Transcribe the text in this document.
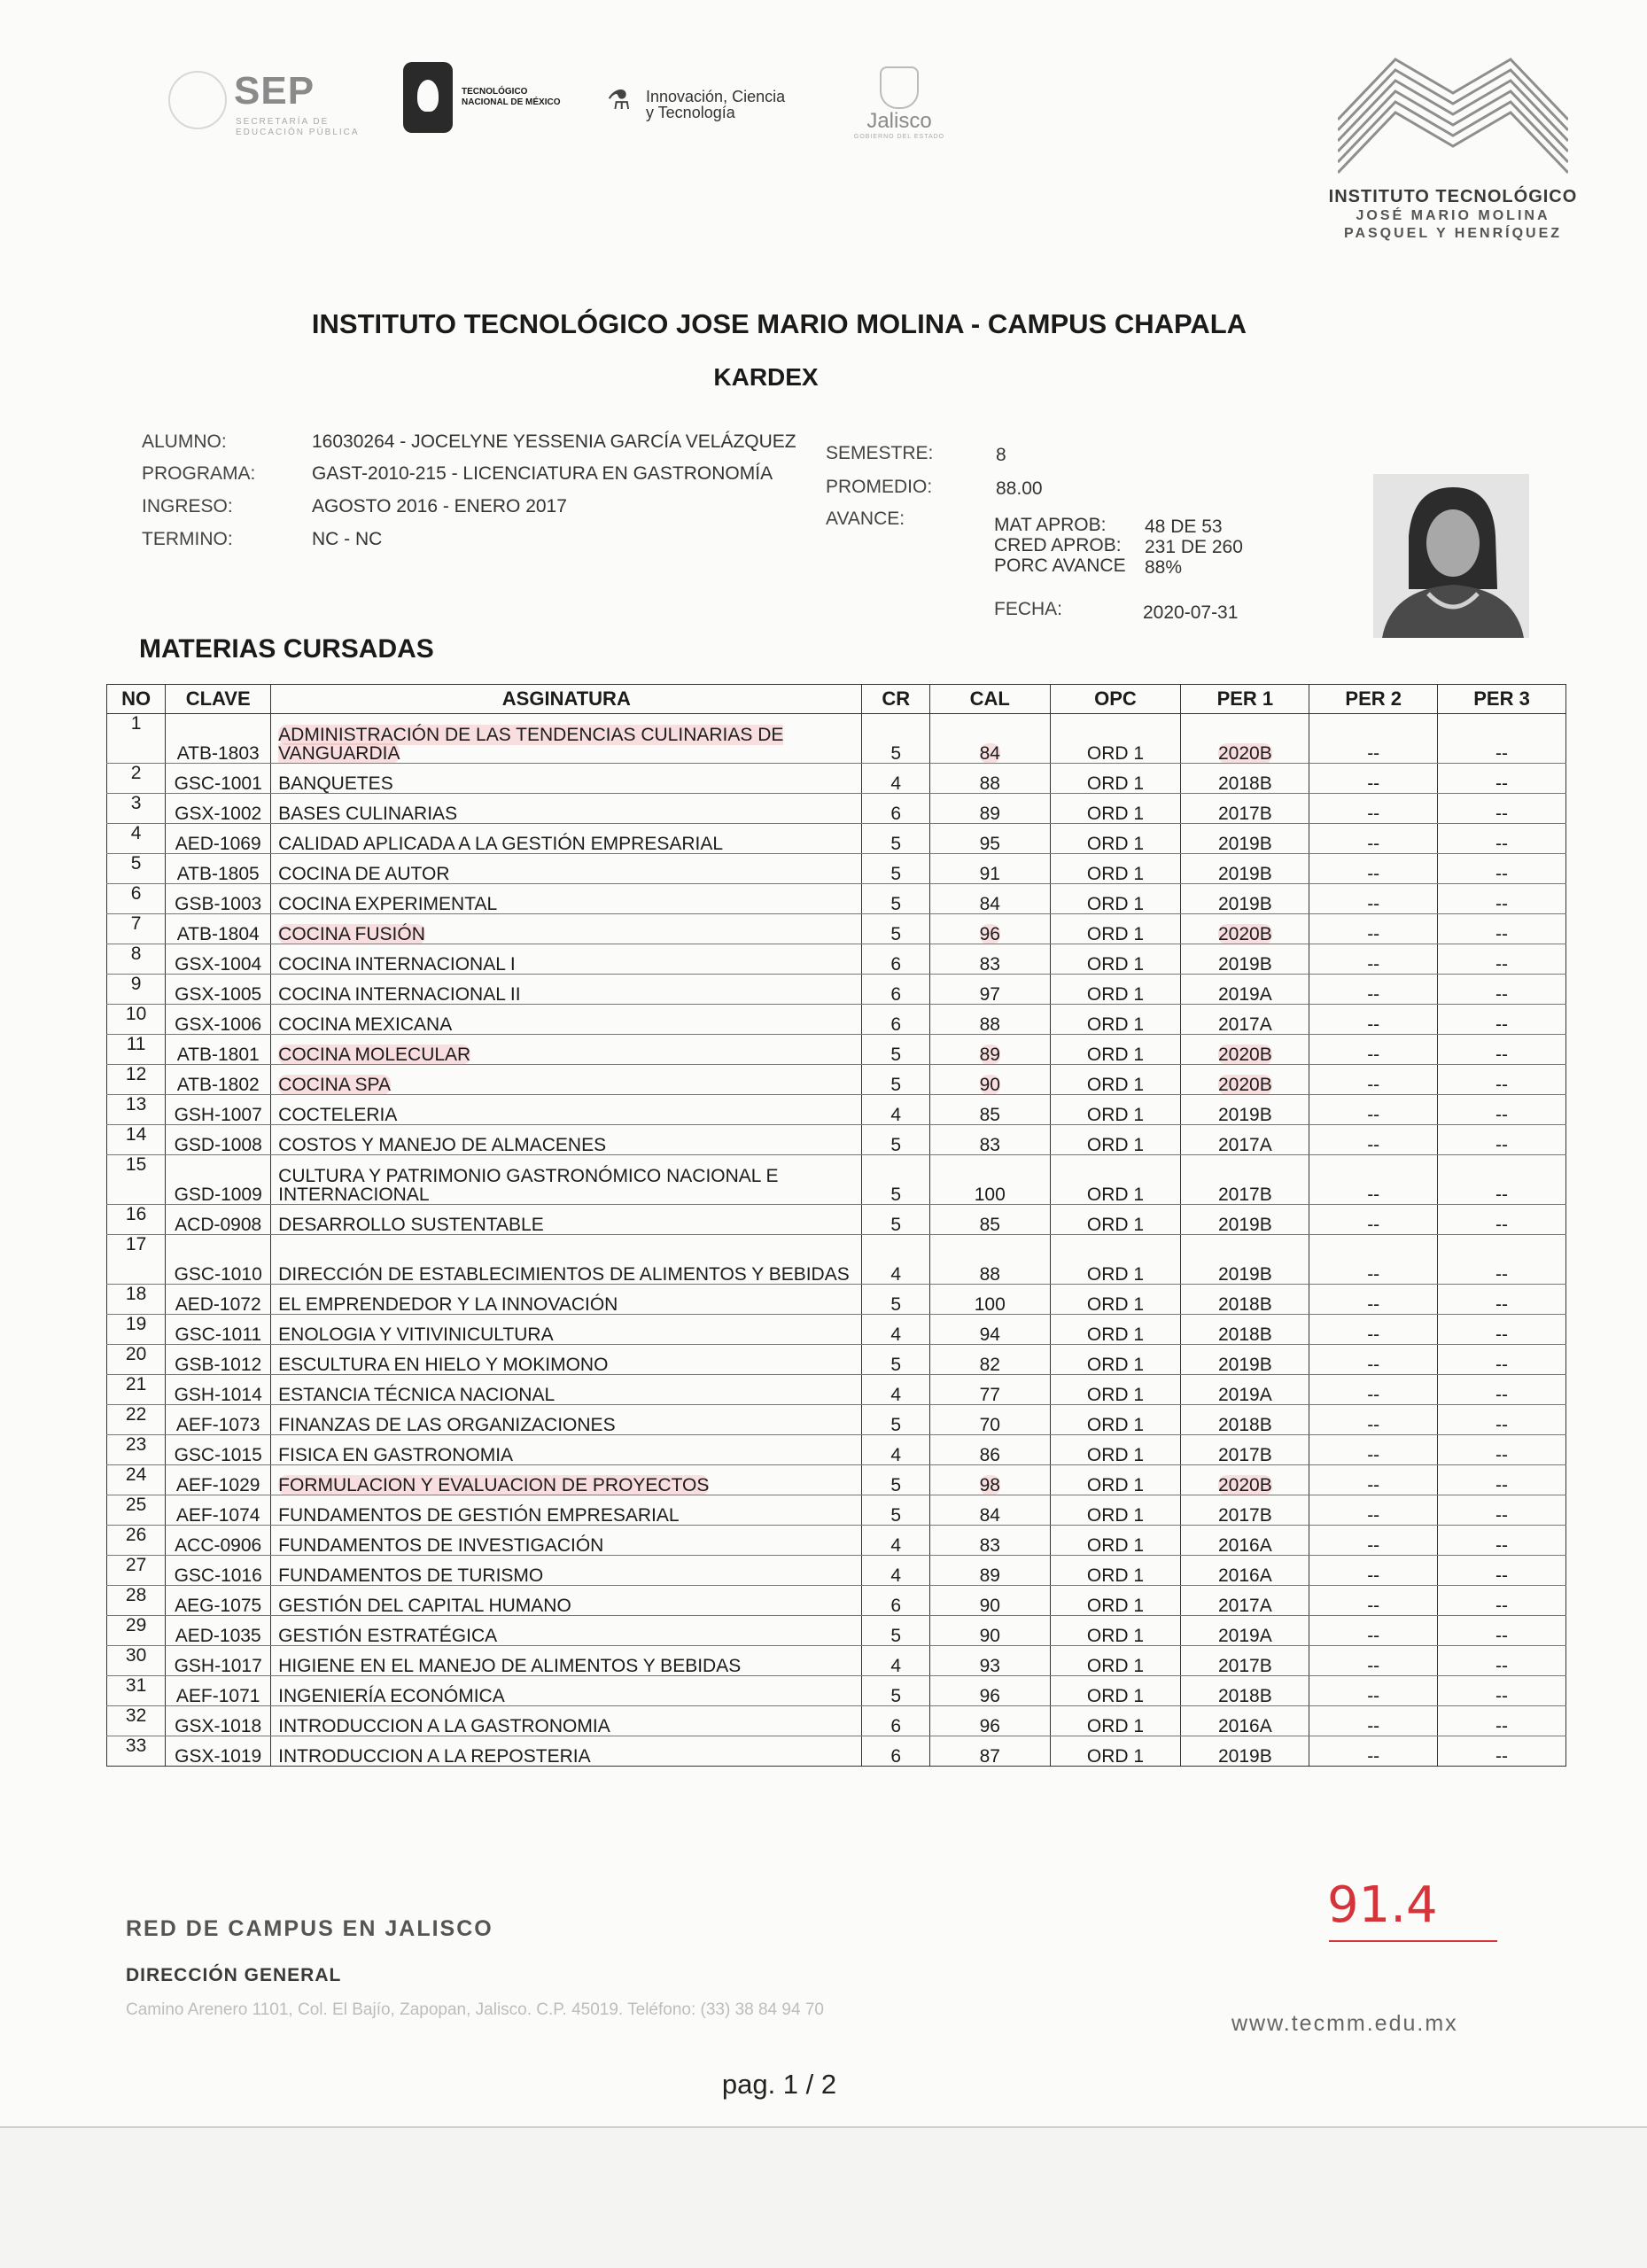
SEP
SECRETARÍA DE EDUCACIÓN PÚBLICA
TECNOLÓGICO NACIONAL DE MÉXICO ⚗ Innovación, Ciencia
y Tecnología	Jalisco
GOBIERNO DEL ESTADO
INSTITUTO TECNOLÓGICO
JOSÉ MARIO MOLINA
PASQUEL Y HENRÍQUEZ
INSTITUTO TECNOLÓGICO JOSE MARIO MOLINA - CAMPUS CHAPALA
KARDEX
ALUMNO:	16030264 - JOCELYNE YESSENIA GARCÍA VELÁZQUEZ
PROGRAMA:	GAST-2010-215 - LICENCIATURA EN GASTRONOMÍA
INGRESO:	AGOSTO 2016 - ENERO 2017
TERMINO:	NC - NC
SEMESTRE:	8
PROMEDIO:	88.00
AVANCE:	MAT APROB: 48 DE 53
CRED APROB: 231 DE 260
PORC AVANCE 88%
FECHA:	2020-07-31
MATERIAS CURSADAS
NO	CLAVE	ASGINATURA	CR	CAL	OPC	PER 1	PER 2	PER 3
1	ATB-1803	ADMINISTRACIÓN DE LAS TENDENCIAS CULINARIAS DE VANGUARDIA	5	84	ORD 1	2020B	--	--
2	GSC-1001	BANQUETES	4	88	ORD 1	2018B	--	--
3	GSX-1002	BASES CULINARIAS	6	89	ORD 1	2017B	--	--
4	AED-1069	CALIDAD APLICADA A LA GESTIÓN EMPRESARIAL	5	95	ORD 1	2019B	--	--
5	ATB-1805	COCINA DE AUTOR	5	91	ORD 1	2019B	--	--
6	GSB-1003	COCINA EXPERIMENTAL	5	84	ORD 1	2019B	--	--
7	ATB-1804	COCINA FUSIÓN	5	96	ORD 1	2020B	--	--
8	GSX-1004	COCINA INTERNACIONAL I	6	83	ORD 1	2019B	--	--
9	GSX-1005	COCINA INTERNACIONAL II	6	97	ORD 1	2019A	--	--
10	GSX-1006	COCINA MEXICANA	6	88	ORD 1	2017A	--	--
11	ATB-1801	COCINA MOLECULAR	5	89	ORD 1	2020B	--	--
12	ATB-1802	COCINA SPA	5	90	ORD 1	2020B	--	--
13	GSH-1007	COCTELERIA	4	85	ORD 1	2019B	--	--
14	GSD-1008	COSTOS Y MANEJO DE ALMACENES	5	83	ORD 1	2017A	--	--
15	GSD-1009	CULTURA Y PATRIMONIO GASTRONÓMICO NACIONAL E INTERNACIONAL	5	100	ORD 1	2017B	--	--
16	ACD-0908	DESARROLLO SUSTENTABLE	5	85	ORD 1	2019B	--	--
17	GSC-1010	DIRECCIÓN DE ESTABLECIMIENTOS DE ALIMENTOS Y BEBIDAS	4	88	ORD 1	2019B	--	--
18	AED-1072	EL EMPRENDEDOR Y LA INNOVACIÓN	5	100	ORD 1	2018B	--	--
19	GSC-1011	ENOLOGIA Y VITIVINICULTURA	4	94	ORD 1	2018B	--	--
20	GSB-1012	ESCULTURA EN HIELO Y MOKIMONO	5	82	ORD 1	2019B	--	--
21	GSH-1014	ESTANCIA TÉCNICA NACIONAL	4	77	ORD 1	2019A	--	--
22	AEF-1073	FINANZAS DE LAS ORGANIZACIONES	5	70	ORD 1	2018B	--	--
23	GSC-1015	FISICA EN GASTRONOMIA	4	86	ORD 1	2017B	--	--
24	AEF-1029	FORMULACION Y EVALUACION DE PROYECTOS	5	98	ORD 1	2020B	--	--
25	AEF-1074	FUNDAMENTOS DE GESTIÓN EMPRESARIAL	5	84	ORD 1	2017B	--	--
26	ACC-0906	FUNDAMENTOS DE INVESTIGACIÓN	4	83	ORD 1	2016A	--	--
27	GSC-1016	FUNDAMENTOS DE TURISMO	4	89	ORD 1	2016A	--	--
28	AEG-1075	GESTIÓN DEL CAPITAL HUMANO	6	90	ORD 1	2017A	--	--
29	AED-1035	GESTIÓN ESTRATÉGICA	5	90	ORD 1	2019A	--	--
30	GSH-1017	HIGIENE EN EL MANEJO DE ALIMENTOS Y BEBIDAS	4	93	ORD 1	2017B	--	--
31	AEF-1071	INGENIERÍA ECONÓMICA	5	96	ORD 1	2018B	--	--
32	GSX-1018	INTRODUCCION A LA GASTRONOMIA	6	96	ORD 1	2016A	--	--
33	GSX-1019	INTRODUCCION A LA REPOSTERIA	6	87	ORD 1	2019B	--	--
91.4
RED DE CAMPUS EN JALISCO
DIRECCIÓN GENERAL
Camino Arenero 1101, Col. El Bajío, Zapopan, Jalisco. C.P. 45019. Teléfono: (33) 38 84 94 70
www.tecmm.edu.mx
pag. 1 / 2
